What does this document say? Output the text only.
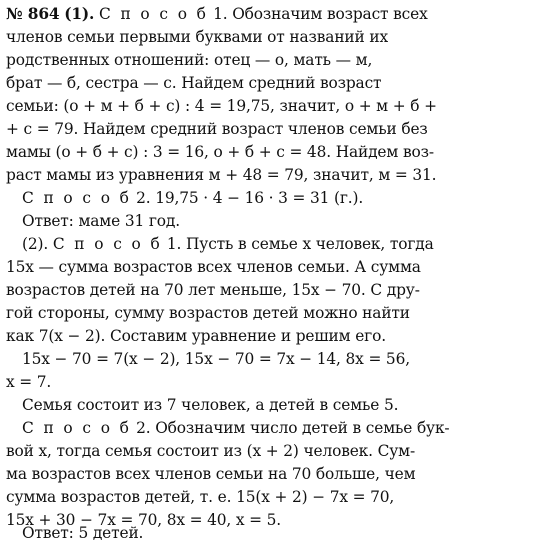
№ 864 (1). С п о с о б 1. Обозначим возраст всех
членов семьи первыми буквами от названий их
родственных отношений: отец — о, мать — м,
брат — б, сестра — с. Найдем средний возраст
семьи: (о + м + б + с) : 4 = 19,75, значит, о + м + б +
+ с = 79. Найдем средний возраст членов семьи без
мамы (о + б + с) : 3 = 16, о + б + с = 48. Найдем воз-
раст мамы из уравнения м + 48 = 79, значит, м = 31.
С п о с о б 2. 19,75 · 4 − 16 · 3 = 31 (г.).
Ответ: маме 31 год.
(2). С п о с о б 1. Пусть в семье x человек, тогда
15x — сумма возрастов всех членов семьи. А сумма
возрастов детей на 70 лет меньше, 15x − 70. С дру-
гой стороны, сумму возрастов детей можно найти
как 7(x − 2). Составим уравнение и решим его.
15x − 70 = 7(x − 2), 15x − 70 = 7x − 14, 8x = 56,
x = 7.
Семья состоит из 7 человек, а детей в семье 5.
С п о с о б 2. Обозначим число детей в семье бук-
вой x, тогда семья состоит из (x + 2) человек. Сум-
ма возрастов всех членов семьи на 70 больше, чем
сумма возрастов детей, т. е. 15(x + 2) − 7x = 70,
15x + 30 − 7x = 70, 8x = 40, x = 5.
Ответ: 5 детей.
